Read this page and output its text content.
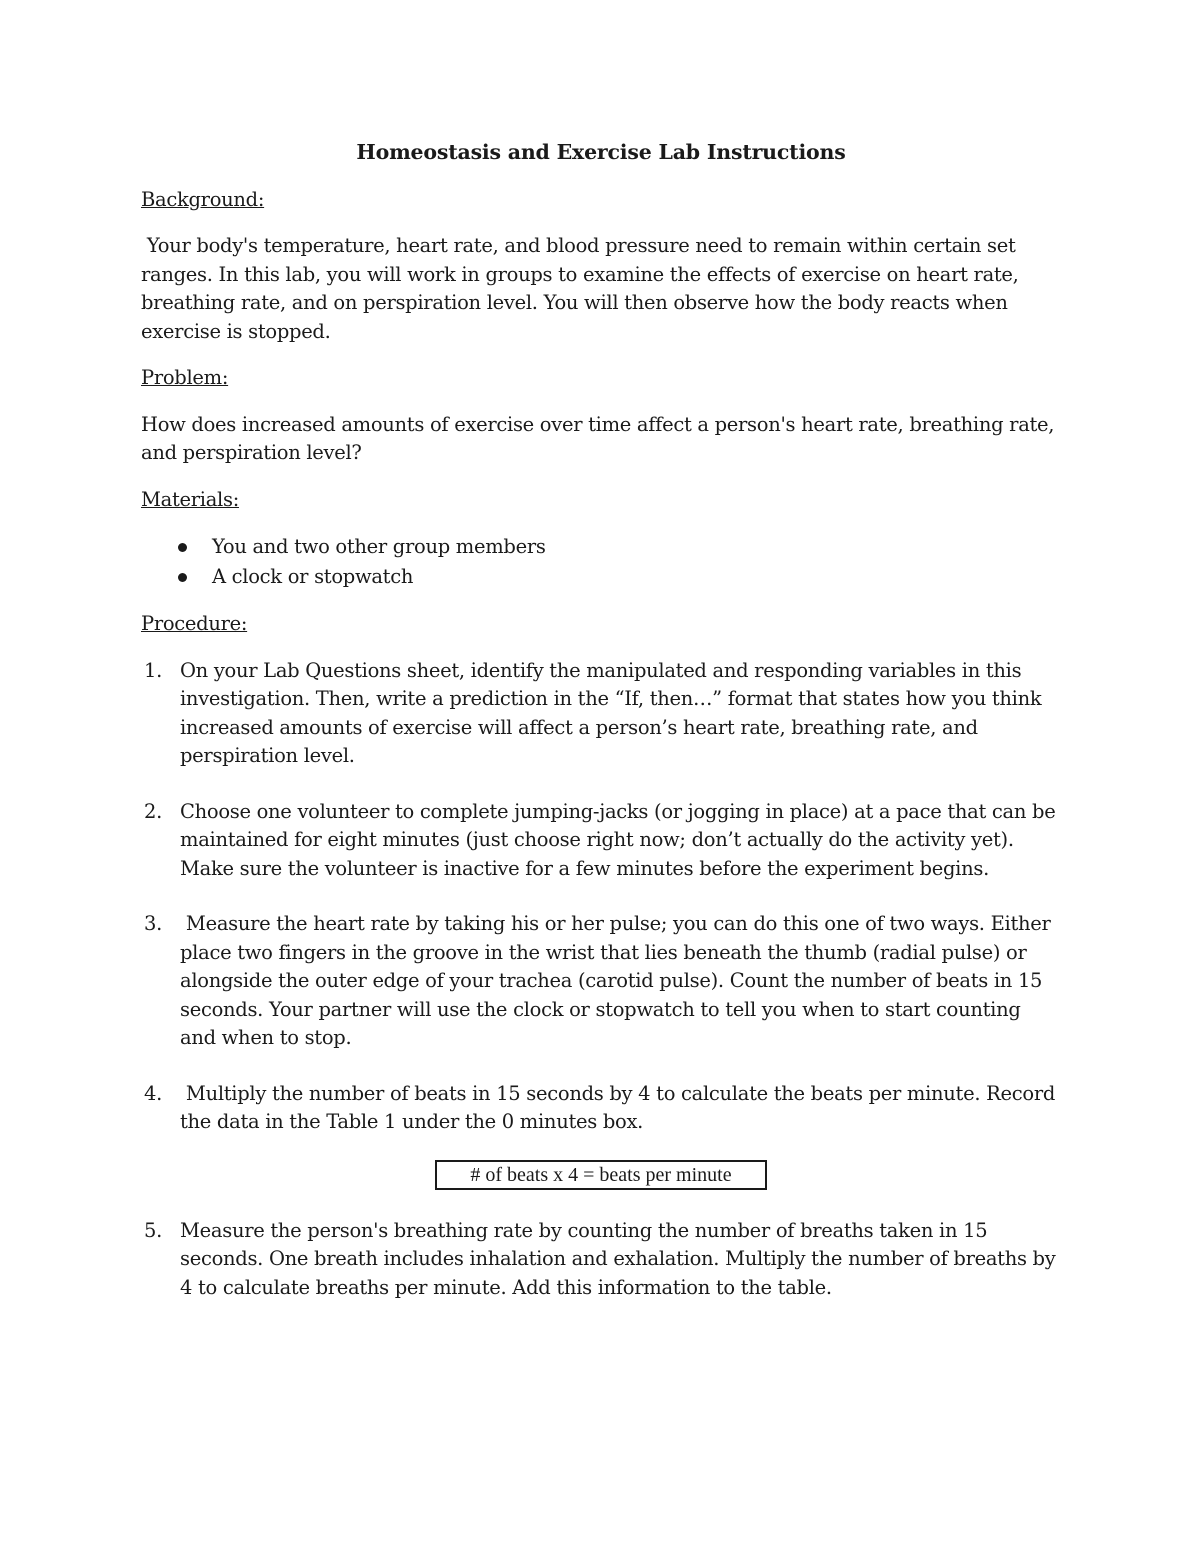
Homeostasis and Exercise Lab Instructions
Background:

Your body's temperature, heart rate, and blood pressure need to remain within certain set ranges. In this lab, you will work in groups to examine the effects of exercise on heart rate, breathing rate, and on perspiration level. You will then observe how the body reacts when exercise is stopped.

Problem:

How does increased amounts of exercise over time affect a person's heart rate, breathing rate, and perspiration level?

Materials:
You and two other group members
A clock or stopwatch
Procedure:
1. On your Lab Questions sheet, identify the manipulated and responding variables in this investigation. Then, write a prediction in the “If, then…” format that states how you think increased amounts of exercise will affect a person’s heart rate, breathing rate, and perspiration level.
2. Choose one volunteer to complete jumping-jacks (or jogging in place) at a pace that can be maintained for eight minutes (just choose right now; don’t actually do the activity yet). Make sure the volunteer is inactive for a few minutes before the experiment begins.
3. Measure the heart rate by taking his or her pulse; you can do this one of two ways. Either place two fingers in the groove in the wrist that lies beneath the thumb (radial pulse) or alongside the outer edge of your trachea (carotid pulse). Count the number of beats in 15 seconds. Your partner will use the clock or stopwatch to tell you when to start counting and when to stop.
4. Multiply the number of beats in 15 seconds by 4 to calculate the beats per minute. Record the data in the Table 1 under the 0 minutes box.
# of beats x 4 = beats per minute
5. Measure the person's breathing rate by counting the number of breaths taken in 15 seconds. One breath includes inhalation and exhalation. Multiply the number of breaths by 4 to calculate breaths per minute. Add this information to the table.
